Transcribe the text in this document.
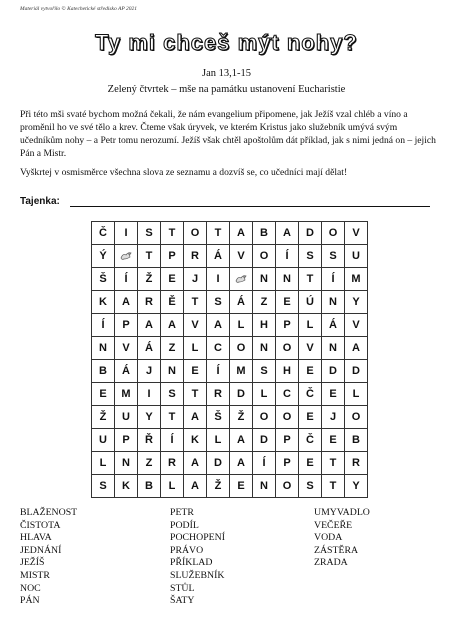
Materiál vytvořilo © Katechetické středisko AP 2021
Ty mi chceš mýt nohy?
Jan 13,1-15
Zelený čtvrtek – mše na památku ustanovení Eucharistie

Při této mši svaté bychom možná čekali, že nám evangelium připomene, jak Ježíš vzal chléb a víno a proměnil ho ve své tělo a krev. Čteme však úryvek, ve kterém Kristus jako služebník umývá svým učedníkům nohy – a Petr tomu nerozumí. Ježíš však chtěl apoštolům dát příklad, jak s nimi jedná on – jejich Pán a Mistr.

Vyškrtej v osmisměrce všechna slova ze seznamu a dozvíš se, co učedníci mají dělat!

Tajenka:
Č	I	S	T	O	T	A	B	A	D	O	V
Ý		T	P	R	Á	V	O	Í	S	S	U
Š	Í	Ž	E	J	I		N	N	T	Í	M
K	A	R	Ě	T	S	Á	Z	E	Ú	N	Y
Í	P	A	A	V	A	L	H	P	L	Á	V
N	V	Á	Z	L	C	O	N	O	V	N	A
B	Á	J	N	E	Í	M	S	H	E	D	D
E	M	I	S	T	R	D	L	C	Č	E	L
Ž	U	Y	T	A	Š	Ž	O	O	E	J	O
U	P	Ř	Í	K	L	A	D	P	Č	E	B
L	N	Z	R	A	D	A	Í	P	E	T	R
S	K	B	L	A	Ž	E	N	O	S	T	Y
BLAŽENOST
ČISTOTA
HLAVA
JEDNÁNÍ
JEŽÍŠ
MISTR
NOC
PÁN
PETR
PODÍL
POCHOPENÍ
PRÁVO
PŘÍKLAD
SLUŽEBNÍK
STŮL
ŠATY
UMYVADLO
VEČEŘE
VODA
ZÁSTĚRA
ZRADA
